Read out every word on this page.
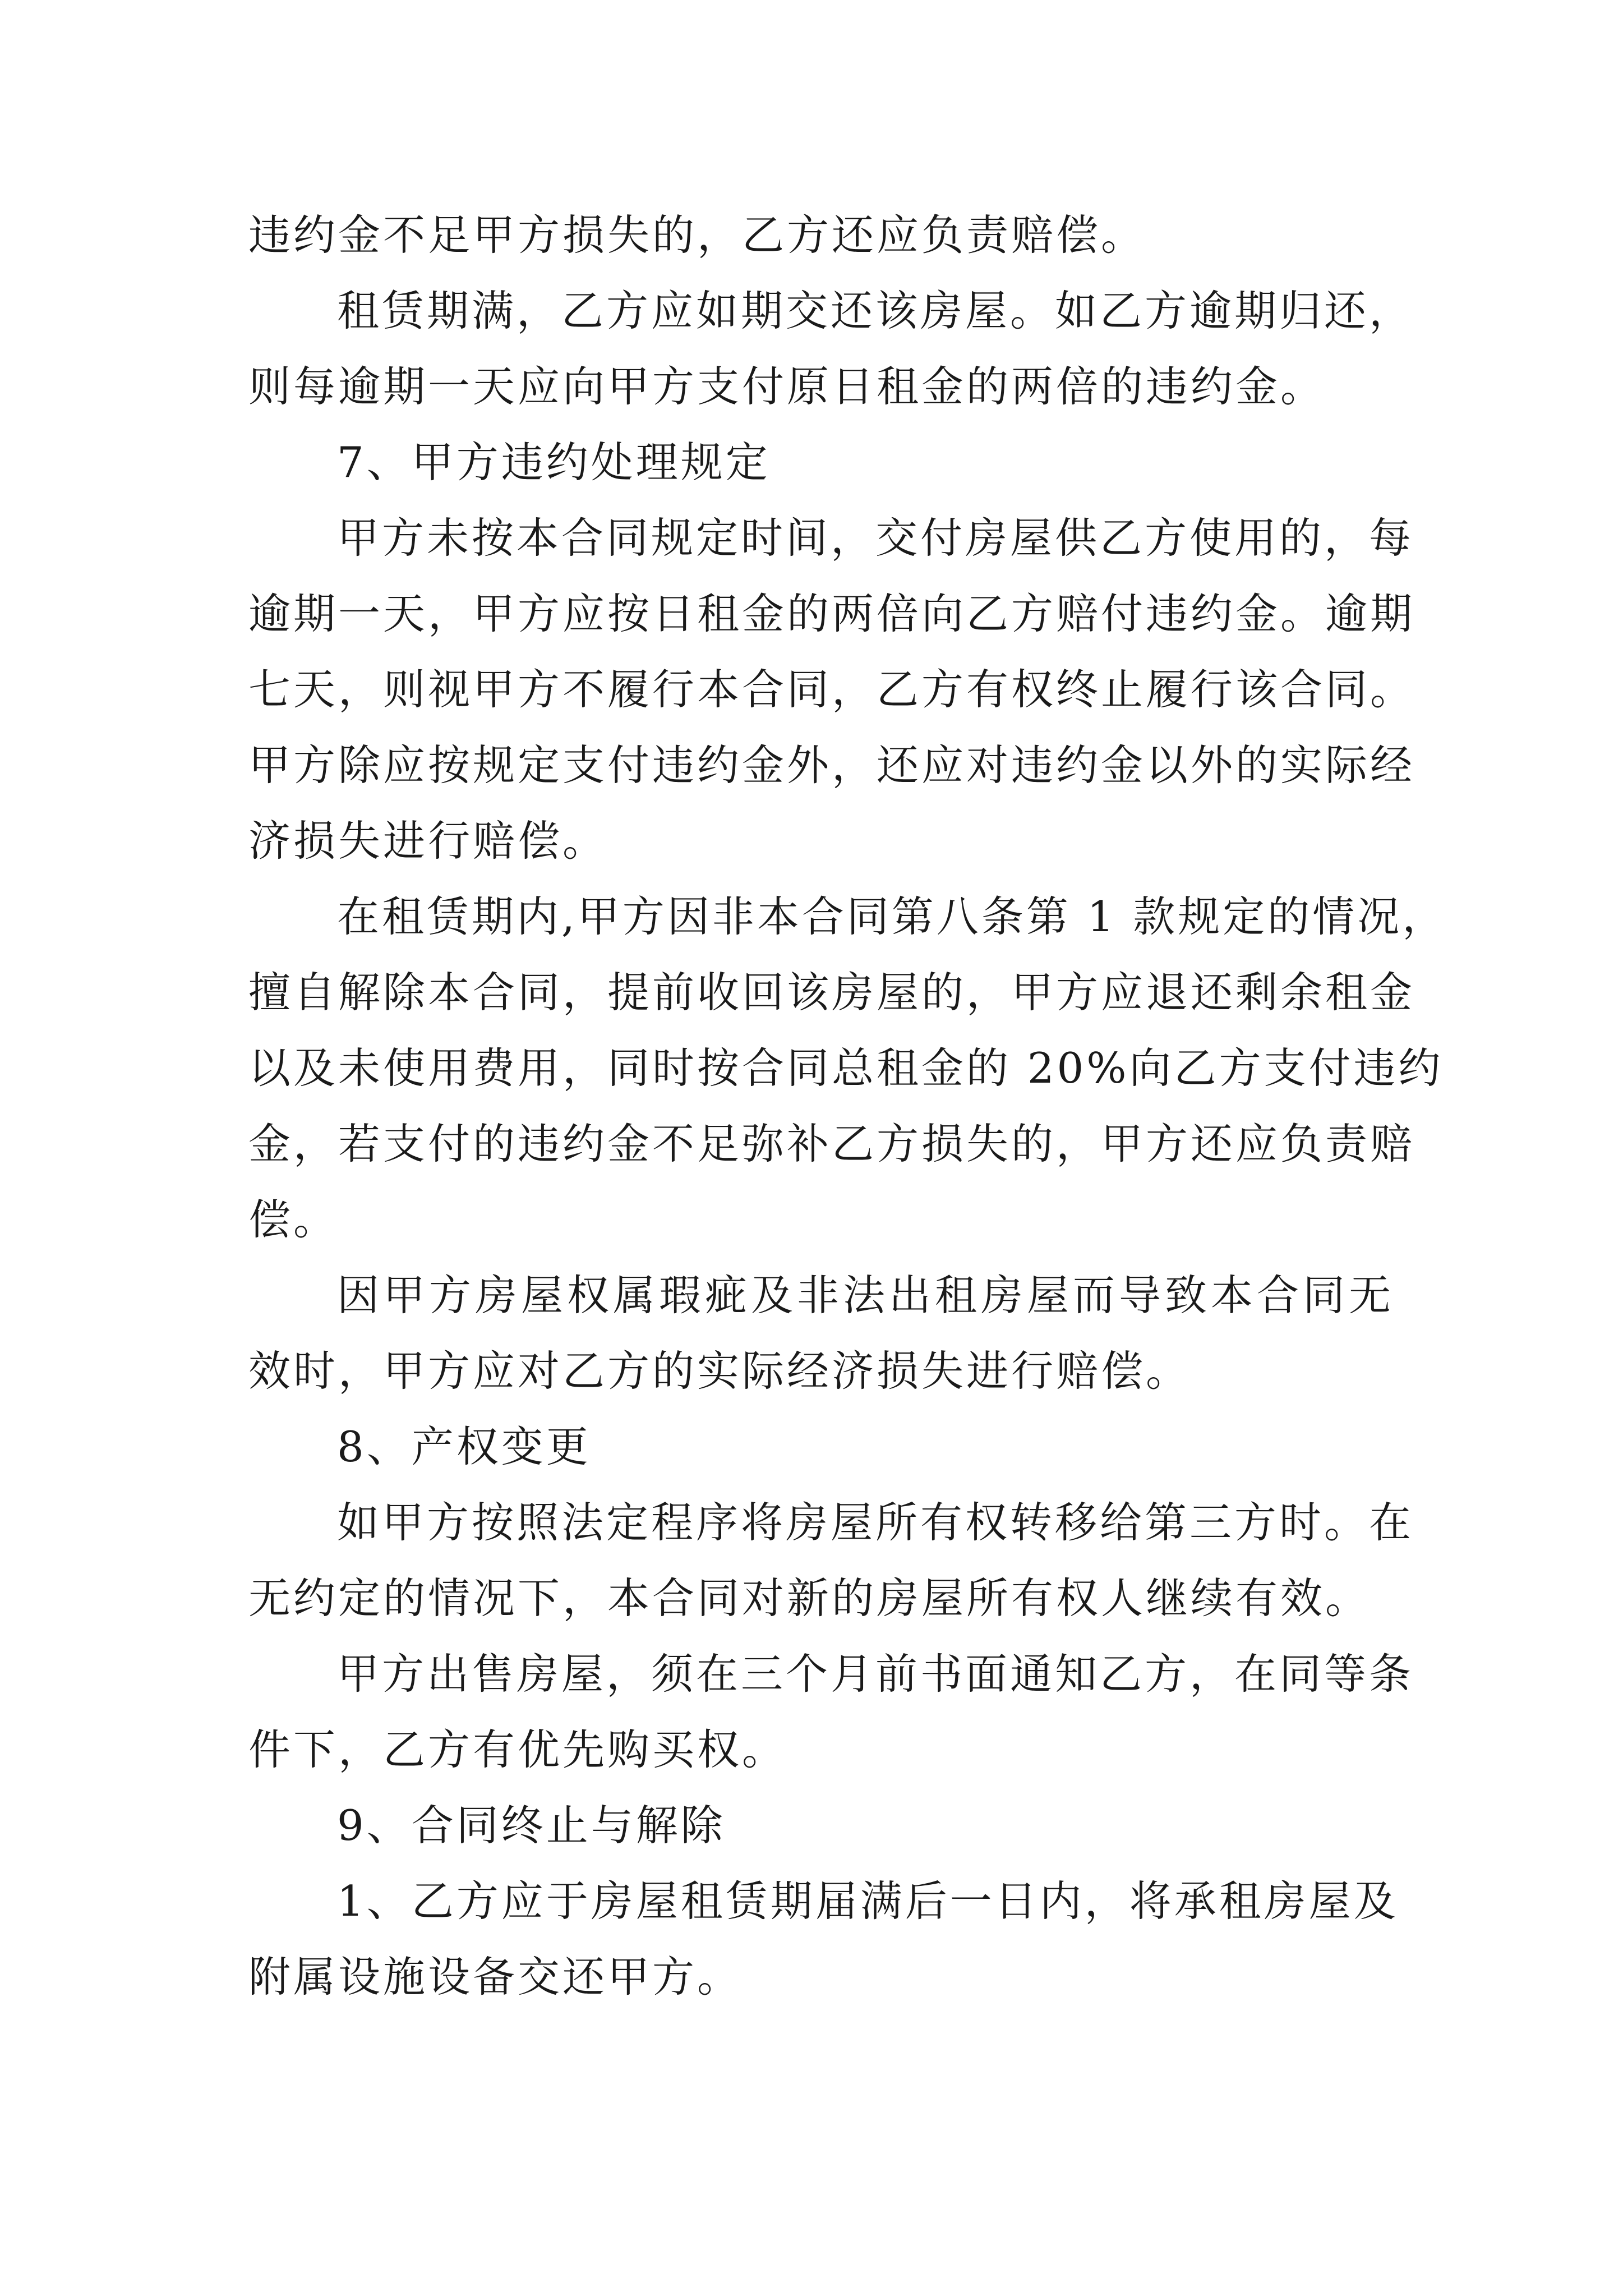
违约金不足甲方损失的，乙方还应负责赔偿。
租赁期满，乙方应如期交还该房屋。如乙方逾期归还，
则每逾期一天应向甲方支付原日租金的两倍的违约金。
7、甲方违约处理规定
甲方未按本合同规定时间，交付房屋供乙方使用的，每
逾期一天，甲方应按日租金的两倍向乙方赔付违约金。逾期
七天，则视甲方不履行本合同，乙方有权终止履行该合同。
甲方除应按规定支付违约金外，还应对违约金以外的实际经
济损失进行赔偿。
在租赁期内,甲方因非本合同第八条第 1 款规定的情况，
擅自解除本合同，提前收回该房屋的，甲方应退还剩余租金
以及未使用费用，同时按合同总租金的 20%向乙方支付违约
金，若支付的违约金不足弥补乙方损失的，甲方还应负责赔
偿。
因甲方房屋权属瑕疵及非法出租房屋而导致本合同无
效时，甲方应对乙方的实际经济损失进行赔偿。
8、产权变更
如甲方按照法定程序将房屋所有权转移给第三方时。在
无约定的情况下，本合同对新的房屋所有权人继续有效。
甲方出售房屋，须在三个月前书面通知乙方，在同等条
件下，乙方有优先购买权。
9、合同终止与解除
1、乙方应于房屋租赁期届满后一日内，将承租房屋及
附属设施设备交还甲方。
